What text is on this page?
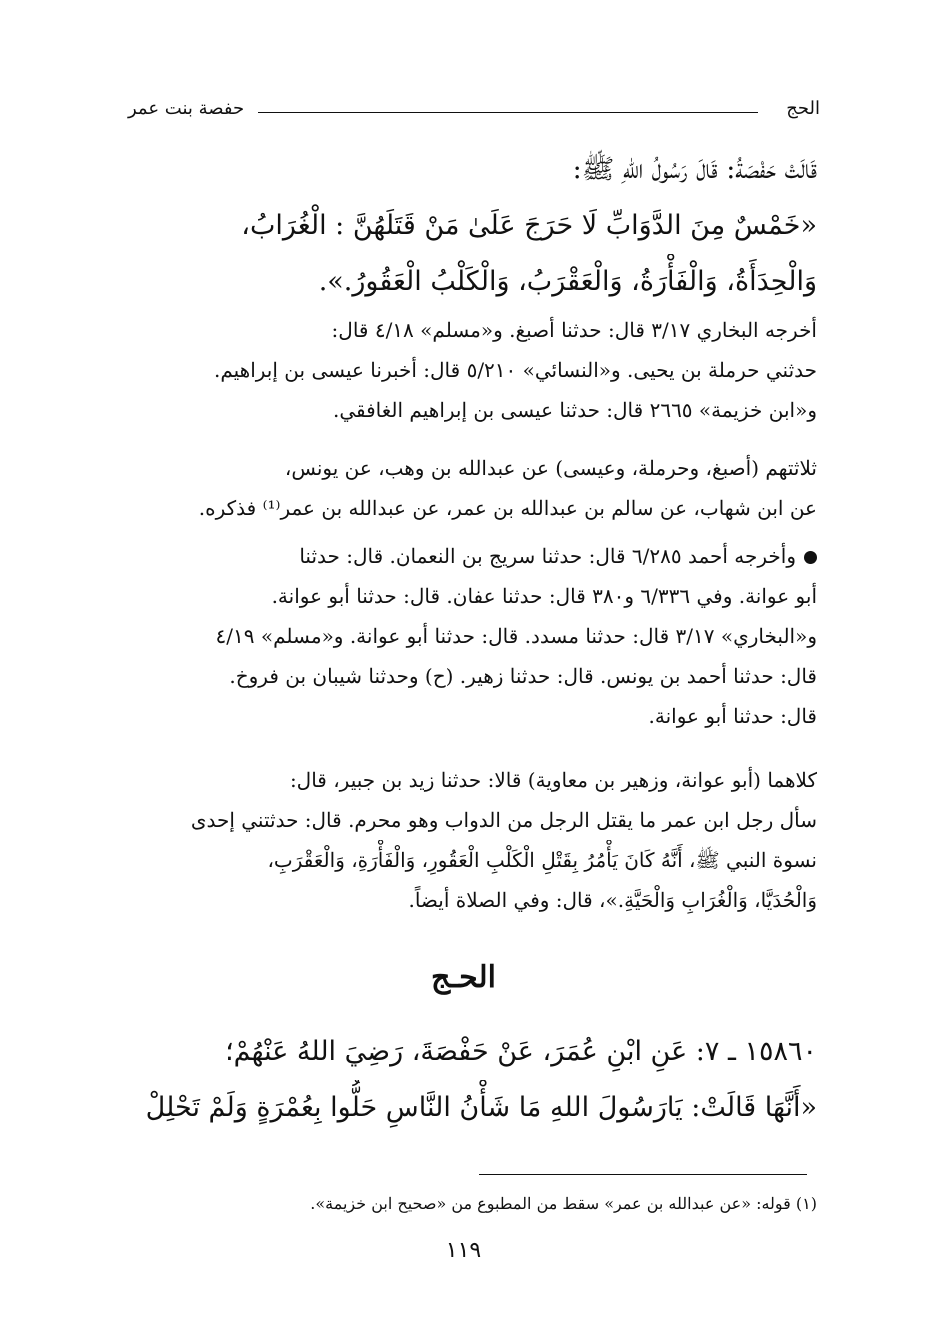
الحج
حفصة بنت عمر
قَالَتْ حَفْصَةُ: قَالَ رَسُولُ اللهِ ﷺ:
«خَمْسٌ مِنَ الدَّوَابِّ لَا حَرَجَ عَلَىٰ مَنْ قَتَلَهُنَّ : الْغُرَابُ،
وَالْحِدَأَةُ، وَالْفَأْرَةُ، وَالْعَقْرَبُ، وَالْكَلْبُ الْعَقُورُ.».
أخرجه البخاري ٣/١٧ قال: حدثنا أصبغ. و«مسلم» ٤/١٨ قال:
حدثني حرملة بن يحيى. و«النسائي» ٥/٢١٠ قال: أخبرنا عيسى بن إبراهيم.
و«ابن خزيمة» ٢٦٦٥ قال: حدثنا عيسى بن إبراهيم الغافقي.
ثلاثتهم (أصبغ، وحرملة، وعيسى) عن عبدالله بن وهب، عن يونس،
عن ابن شهاب، عن سالم بن عبدالله بن عمر، عن عبدالله بن عمر⁽¹⁾ فذكره.
وأخرجه أحمد ٦/٢٨٥ قال: حدثنا سريج بن النعمان. قال: حدثنا
أبو عوانة. وفي ٦/٣٣٦ و٣٨٠ قال: حدثنا عفان. قال: حدثنا أبو عوانة.
و«البخاري» ٣/١٧ قال: حدثنا مسدد. قال: حدثنا أبو عوانة. و«مسلم» ٤/١٩
قال: حدثنا أحمد بن يونس. قال: حدثنا زهير. (ح) وحدثنا شيبان بن فروخ.
قال: حدثنا أبو عوانة.
كلاهما (أبو عوانة، وزهير بن معاوية) قالا: حدثنا زيد بن جبير، قال:
سأل رجل ابن عمر ما يقتل الرجل من الدواب وهو محرم. قال: حدثتني إحدى
نسوة النبي ﷺ، أَنَّهُ كَانَ يَأْمُرُ بِقَتْلِ الْكَلْبِ الْعَقُورِ، وَالْفَأْرَةِ، وَالْعَقْرَبِ،
وَالْحُدَيَّا، وَالْغُرَابِ وَالْحَيَّةِ.»، قال: وفي الصلاة أيضاً.
الحـج
١٥٨٦٠ ـ ٧: عَنِ ابْنِ عُمَرَ، عَنْ حَفْصَةَ، رَضِيَ اللهُ عَنْهُمْ؛
«أَنَّهَا قَالَتْ: يَارَسُولَ اللهِ مَا شَأْنُ النَّاسِ حَلُّوا بِعُمْرَةٍ وَلَمْ تَحْلِلْ
(١) قوله: «عن عبدالله بن عمر» سقط من المطبوع من «صحيح ابن خزيمة».
١١٩
